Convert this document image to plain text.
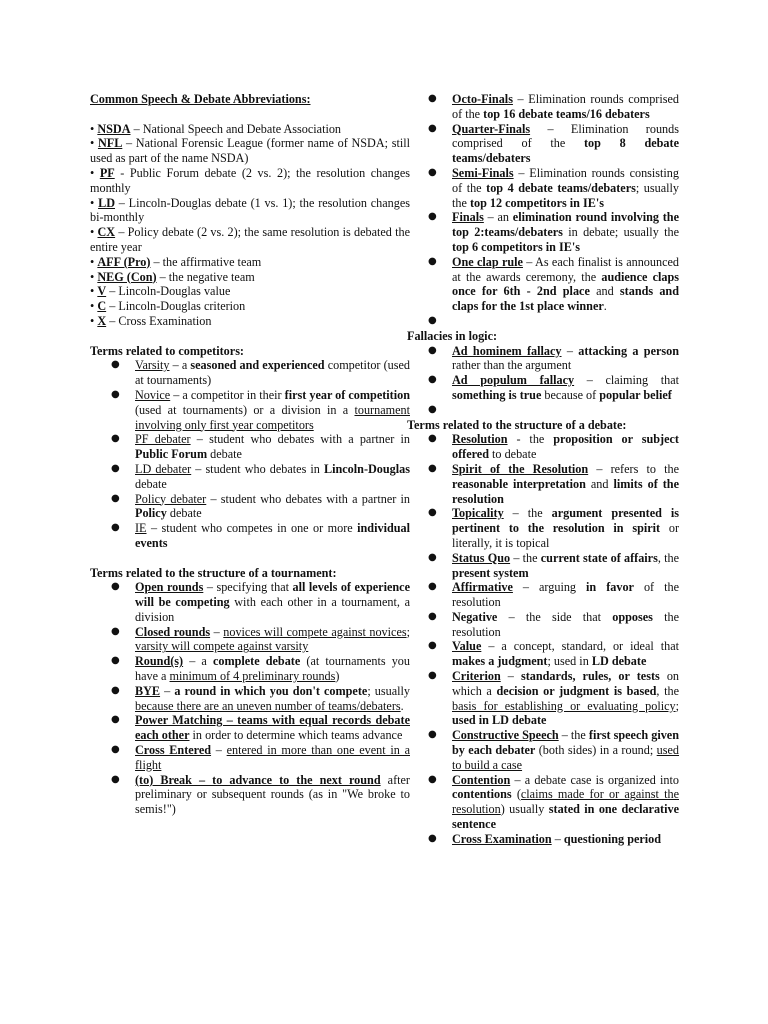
Common Speech & Debate Abbreviations:

• NSDA – National Speech and Debate Association

• NFL – National Forensic League (former name of NSDA; still used as part of the name NSDA)

• PF - Public Forum debate (2 vs. 2); the resolution changes monthly

• LD – Lincoln-Douglas debate (1 vs. 1); the resolution changes bi-monthly

• CX – Policy debate (2 vs. 2); the same resolution is debated the entire year

• AFF (Pro) – the affirmative team

• NEG (Con) – the negative team

• V – Lincoln-Douglas value

• C – Lincoln-Douglas criterion

• X – Cross Examination

Terms related to competitors:

● Varsity – a seasoned and experienced competitor (used at tournaments)
● Novice – a competitor in their first year of competition (used at tournaments) or a division in a tournament involving only first year competitors
● PF debater – student who debates with a partner in Public Forum debate
● LD debater – student who debates in Lincoln-Douglas debate
● Policy debater – student who debates with a partner in Policy debate
● IE – student who competes in one or more individual events

Terms related to the structure of a tournament:

● Open rounds – specifying that all levels of experience will be competing with each other in a tournament, a division
● Closed rounds – novices will compete against novices; varsity will compete against varsity
● Round(s) – a complete debate (at tournaments you have a minimum of 4 preliminary rounds)
● BYE – a round in which you don't compete; usually because there are an uneven number of teams/debaters.
● Power Matching – teams with equal records debate each other in order to determine which teams advance
● Cross Entered – entered in more than one event in a flight
● (to) Break – to advance to the next round after preliminary or subsequent rounds (as in "We broke to semis!")
● Octo-Finals – Elimination rounds comprised of the top 16 debate teams/16 debaters
● Quarter-Finals – Elimination rounds comprised of the top 8 debate teams/debaters
● Semi-Finals – Elimination rounds consisting of the top 4 debate teams/debaters; usually the top 12 competitors in IE's
● Finals – an elimination round involving the top 2:teams/debaters in debate; usually the top 6 competitors in IE's
● One clap rule – As each finalist is announced at the awards ceremony, the audience claps once for 6th - 2nd place and stands and claps for the 1st place winner.
●

Fallacies in logic:

● Ad hominem fallacy – attacking a person rather than the argument
● Ad populum fallacy – claiming that something is true because of popular belief
●

Terms related to the structure of a debate:

● Resolution - the proposition or subject offered to debate
● Spirit of the Resolution – refers to the reasonable interpretation and limits of the resolution
● Topicality – the argument presented is pertinent to the resolution in spirit or literally, it is topical
● Status Quo – the current state of affairs, the present system
● Affirmative – arguing in favor of the resolution
● Negative – the side that opposes the resolution
● Value – a concept, standard, or ideal that makes a judgment; used in LD debate
● Criterion – standards, rules, or tests on which a decision or judgment is based, the basis for establishing or evaluating policy; used in LD debate
● Constructive Speech – the first speech given by each debater (both sides) in a round; used to build a case
● Contention – a debate case is organized into contentions (claims made for or against the resolution) usually stated in one declarative sentence
● Cross Examination – questioning period
